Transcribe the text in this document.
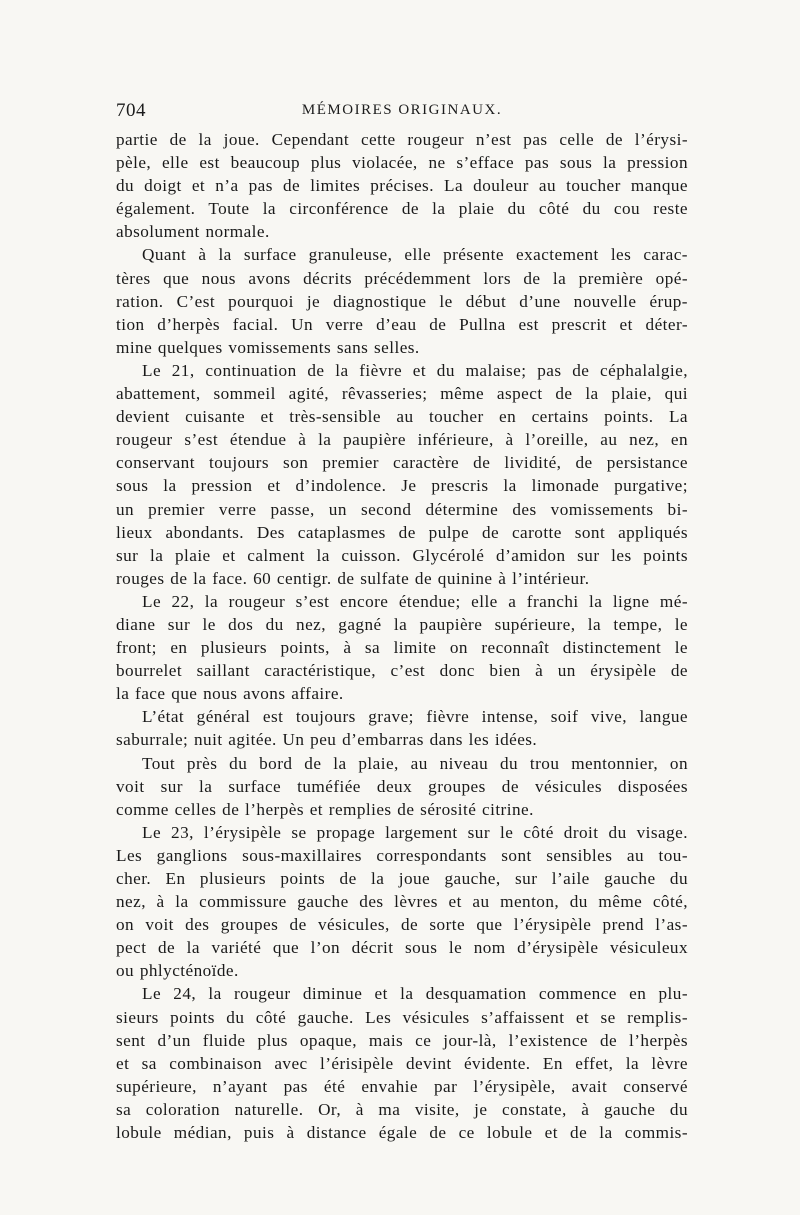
704	MÉMOIRES ORIGINAUX.
partie de la joue. Cependant cette rougeur n’est pas celle de l’érysi-
pèle, elle est beaucoup plus violacée, ne s’efface pas sous la pression
du doigt et n’a pas de limites précises. La douleur au toucher manque
également. Toute la circonférence de la plaie du côté du cou reste
absolument normale.
Quant à la surface granuleuse, elle présente exactement les carac-
tères que nous avons décrits précédemment lors de la première opé-
ration. C’est pourquoi je diagnostique le début d’une nouvelle érup-
tion d’herpès facial. Un verre d’eau de Pullna est prescrit et déter-
mine quelques vomissements sans selles.
Le 21, continuation de la fièvre et du malaise; pas de céphalalgie,
abattement, sommeil agité, rêvasseries; même aspect de la plaie, qui
devient cuisante et très-sensible au toucher en certains points. La
rougeur s’est étendue à la paupière inférieure, à l’oreille, au nez, en
conservant toujours son premier caractère de lividité, de persistance
sous la pression et d’indolence. Je prescris la limonade purgative;
un premier verre passe, un second détermine des vomissements bi-
lieux abondants. Des cataplasmes de pulpe de carotte sont appliqués
sur la plaie et calment la cuisson. Glycérolé d’amidon sur les points
rouges de la face. 60 centigr. de sulfate de quinine à l’intérieur.
Le 22, la rougeur s’est encore étendue; elle a franchi la ligne mé-
diane sur le dos du nez, gagné la paupière supérieure, la tempe, le
front; en plusieurs points, à sa limite on reconnaît distinctement le
bourrelet saillant caractéristique, c’est donc bien à un érysipèle de
la face que nous avons affaire.
L’état général est toujours grave; fièvre intense, soif vive, langue
saburrale; nuit agitée. Un peu d’embarras dans les idées.
Tout près du bord de la plaie, au niveau du trou mentonnier, on
voit sur la surface tuméfiée deux groupes de vésicules disposées
comme celles de l’herpès et remplies de sérosité citrine.
Le 23, l’érysipèle se propage largement sur le côté droit du visage.
Les ganglions sous-maxillaires correspondants sont sensibles au tou-
cher. En plusieurs points de la joue gauche, sur l’aile gauche du
nez, à la commissure gauche des lèvres et au menton, du même côté,
on voit des groupes de vésicules, de sorte que l’érysipèle prend l’as-
pect de la variété que l’on décrit sous le nom d’érysipèle vésiculeux
ou phlycténoïde.
Le 24, la rougeur diminue et la desquamation commence en plu-
sieurs points du côté gauche. Les vésicules s’affaissent et se remplis-
sent d’un fluide plus opaque, mais ce jour-là, l’existence de l’herpès
et sa combinaison avec l’érisipèle devint évidente. En effet, la lèvre
supérieure, n’ayant pas été envahie par l’érysipèle, avait conservé
sa coloration naturelle. Or, à ma visite, je constate, à gauche du
lobule médian, puis à distance égale de ce lobule et de la commis-
